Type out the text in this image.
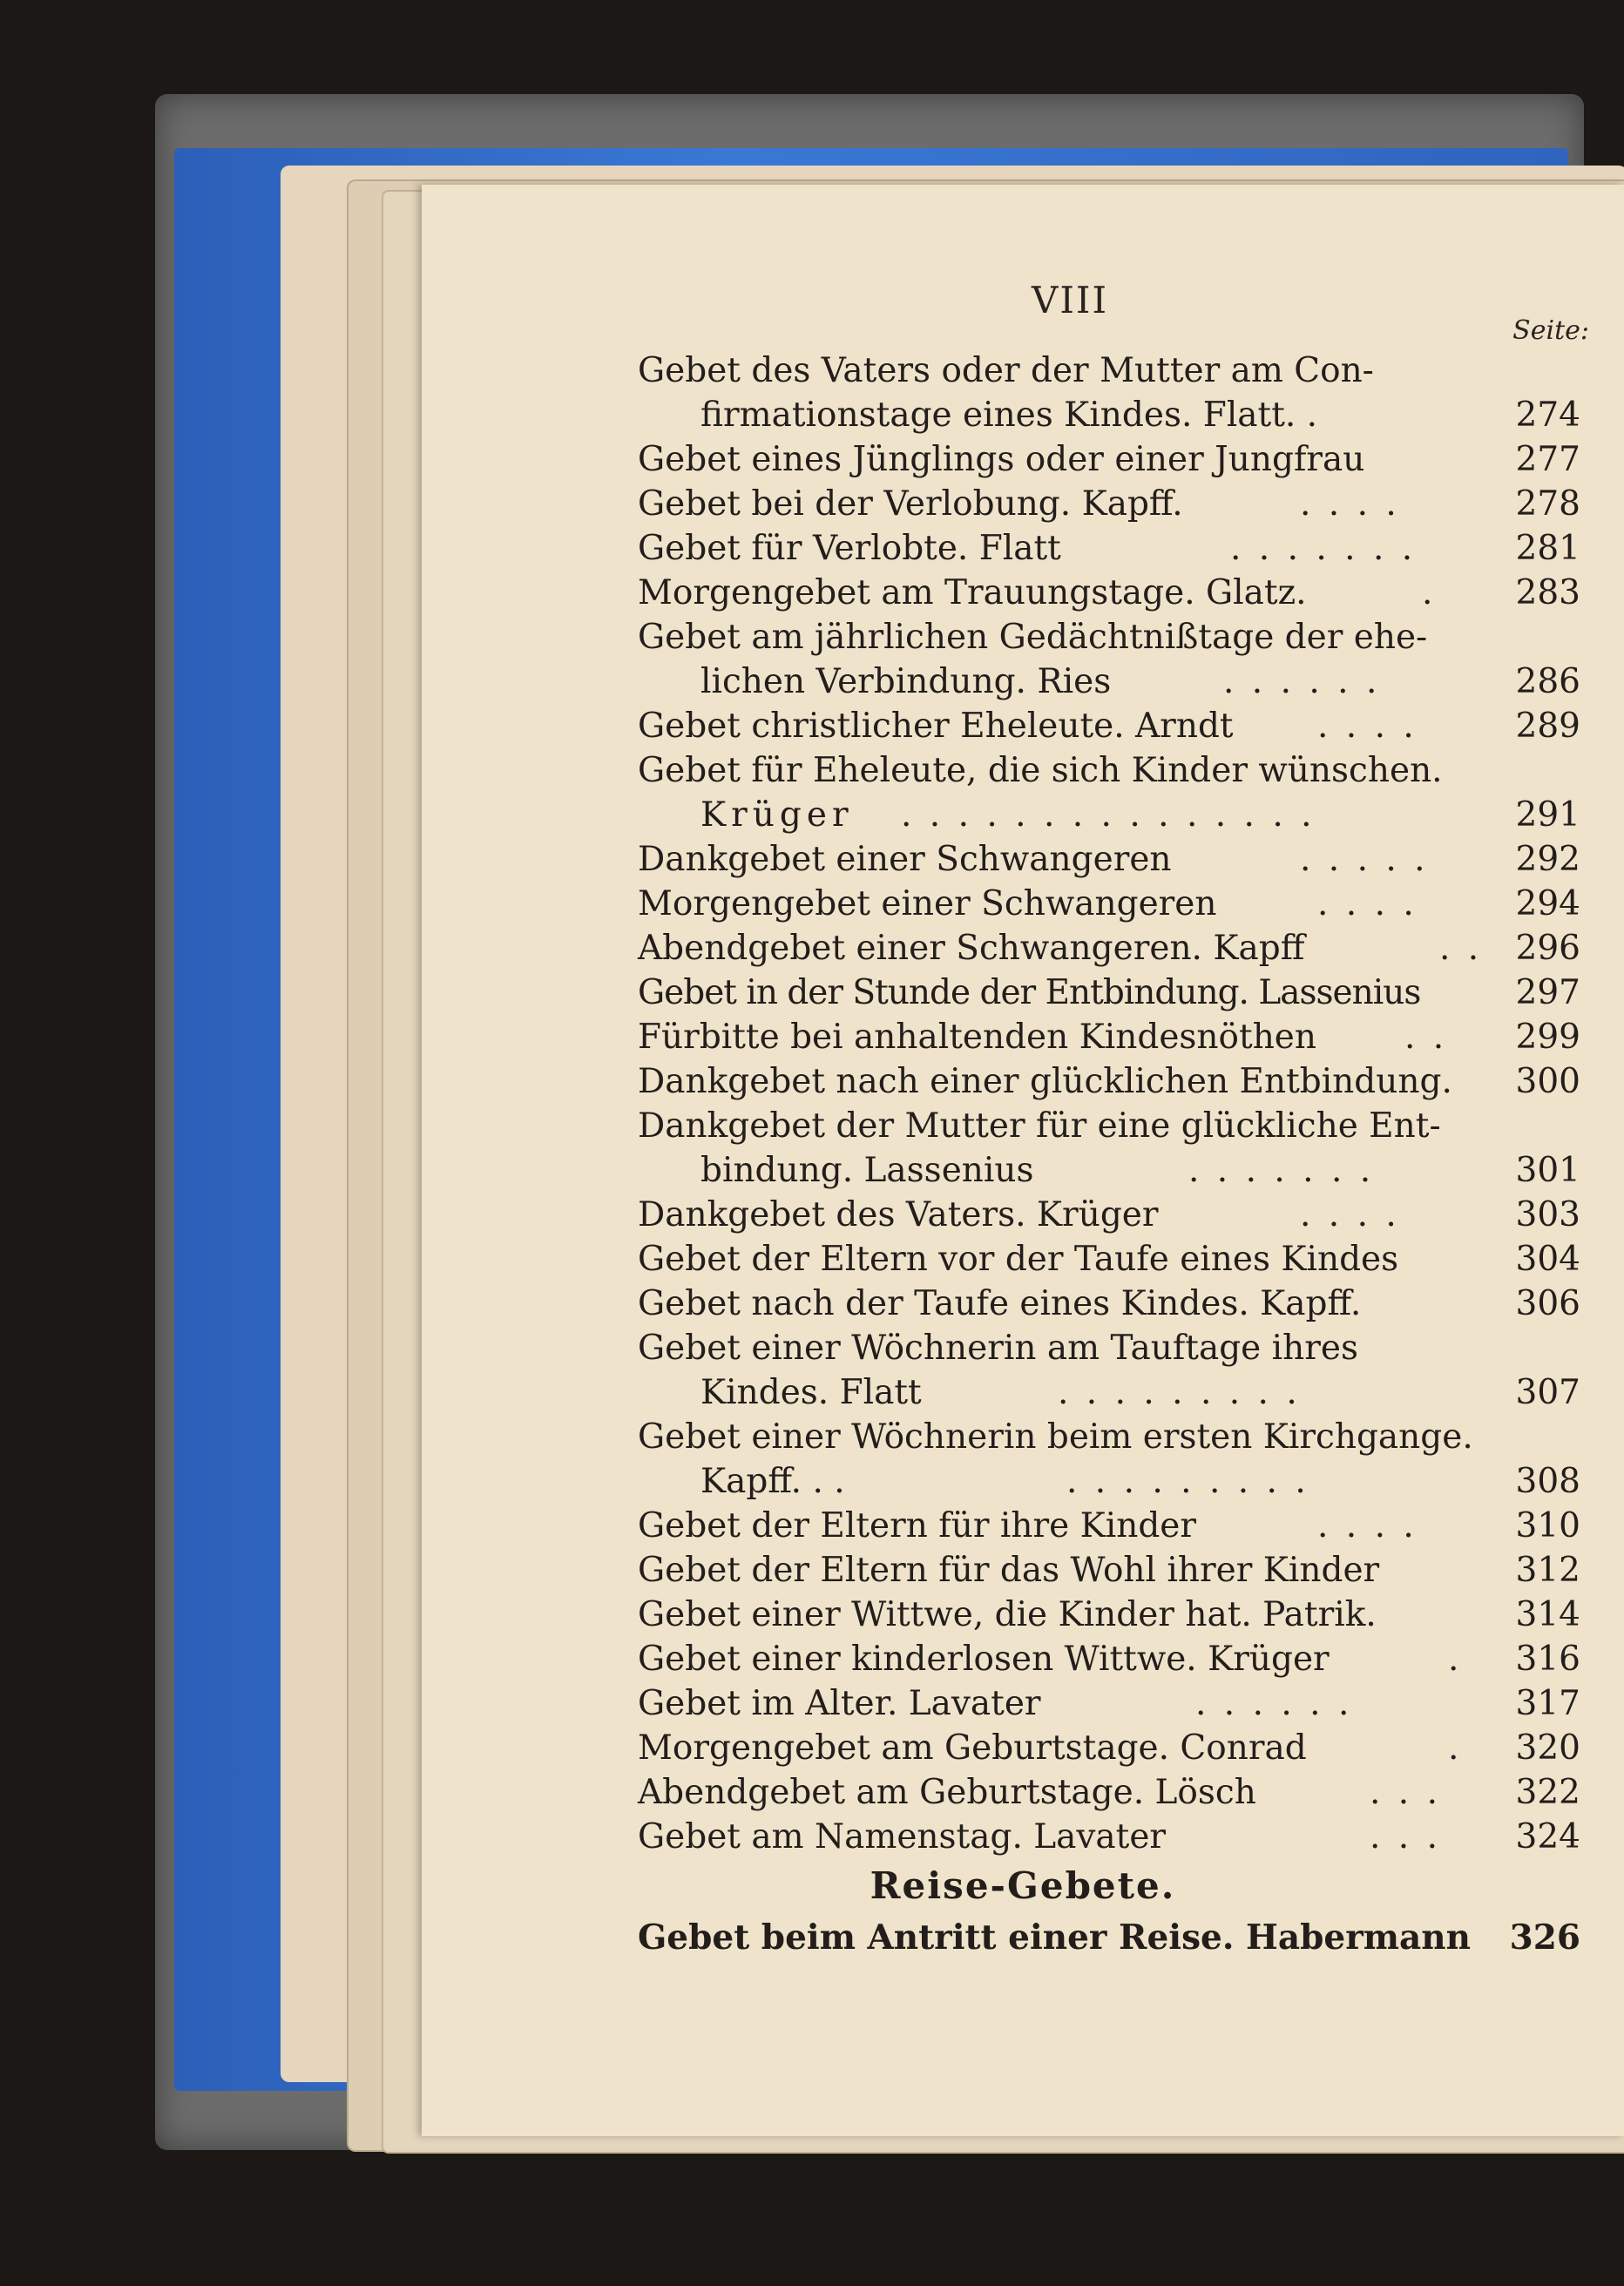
VIII
Seite:
Gebet des Vaters oder der Mutter am Con-
firmationstage eines Kindes. Flatt. .	274
Gebet eines Jünglings oder einer Jungfrau	277
Gebet bei der Verlobung. Kapff.	. . . .	278
Gebet für Verlobte. Flatt	. . . . . . .	281
Morgengebet am Trauungstage. Glatz.	.	283
Gebet am jährlichen Gedächtnißtage der ehe-
lichen Verbindung. Ries	. . . . . .	286
Gebet christlicher Eheleute. Arndt . . . .	289
Gebet für Eheleute, die sich Kinder wünschen.
Krüger . . . . . . . . . . . . . . .	291
Dankgebet einer Schwangeren	. . . . .	292
Morgengebet einer Schwangeren	. . . .	294
Abendgebet einer Schwangeren. Kapff	. . 296
Gebet in der Stunde der Entbindung. Lassenius	297
Fürbitte bei anhaltenden Kindesnöthen	. .	299
Dankgebet nach einer glücklichen Entbindung.	300
Dankgebet der Mutter für eine glückliche Ent-
bindung. Lassenius	. . . . . . .	301
Dankgebet des Vaters. Krüger	. . . .	303
Gebet der Eltern vor der Taufe eines Kindes	304
Gebet nach der Taufe eines Kindes. Kapff.	306
Gebet einer Wöchnerin am Tauftage ihres
Kindes. Flatt	. . . . . . . . .	307
Gebet einer Wöchnerin beim ersten Kirchgange.
Kapff. . .	. . . . . . . . .	308
Gebet der Eltern für ihre Kinder	. . . .	310
Gebet der Eltern für das Wohl ihrer Kinder	312
Gebet einer Wittwe, die Kinder hat. Patrik.	314
Gebet einer kinderlosen Wittwe. Krüger	.	316
Gebet im Alter. Lavater	. . . . . .	317
Morgengebet am Geburtstage. Conrad	.	320
Abendgebet am Geburtstage. Lösch	. . .	322
Gebet am Namenstag. Lavater	. . .	324
Reise-Gebete.
Gebet beim Antritt einer Reise. Habermann 326
